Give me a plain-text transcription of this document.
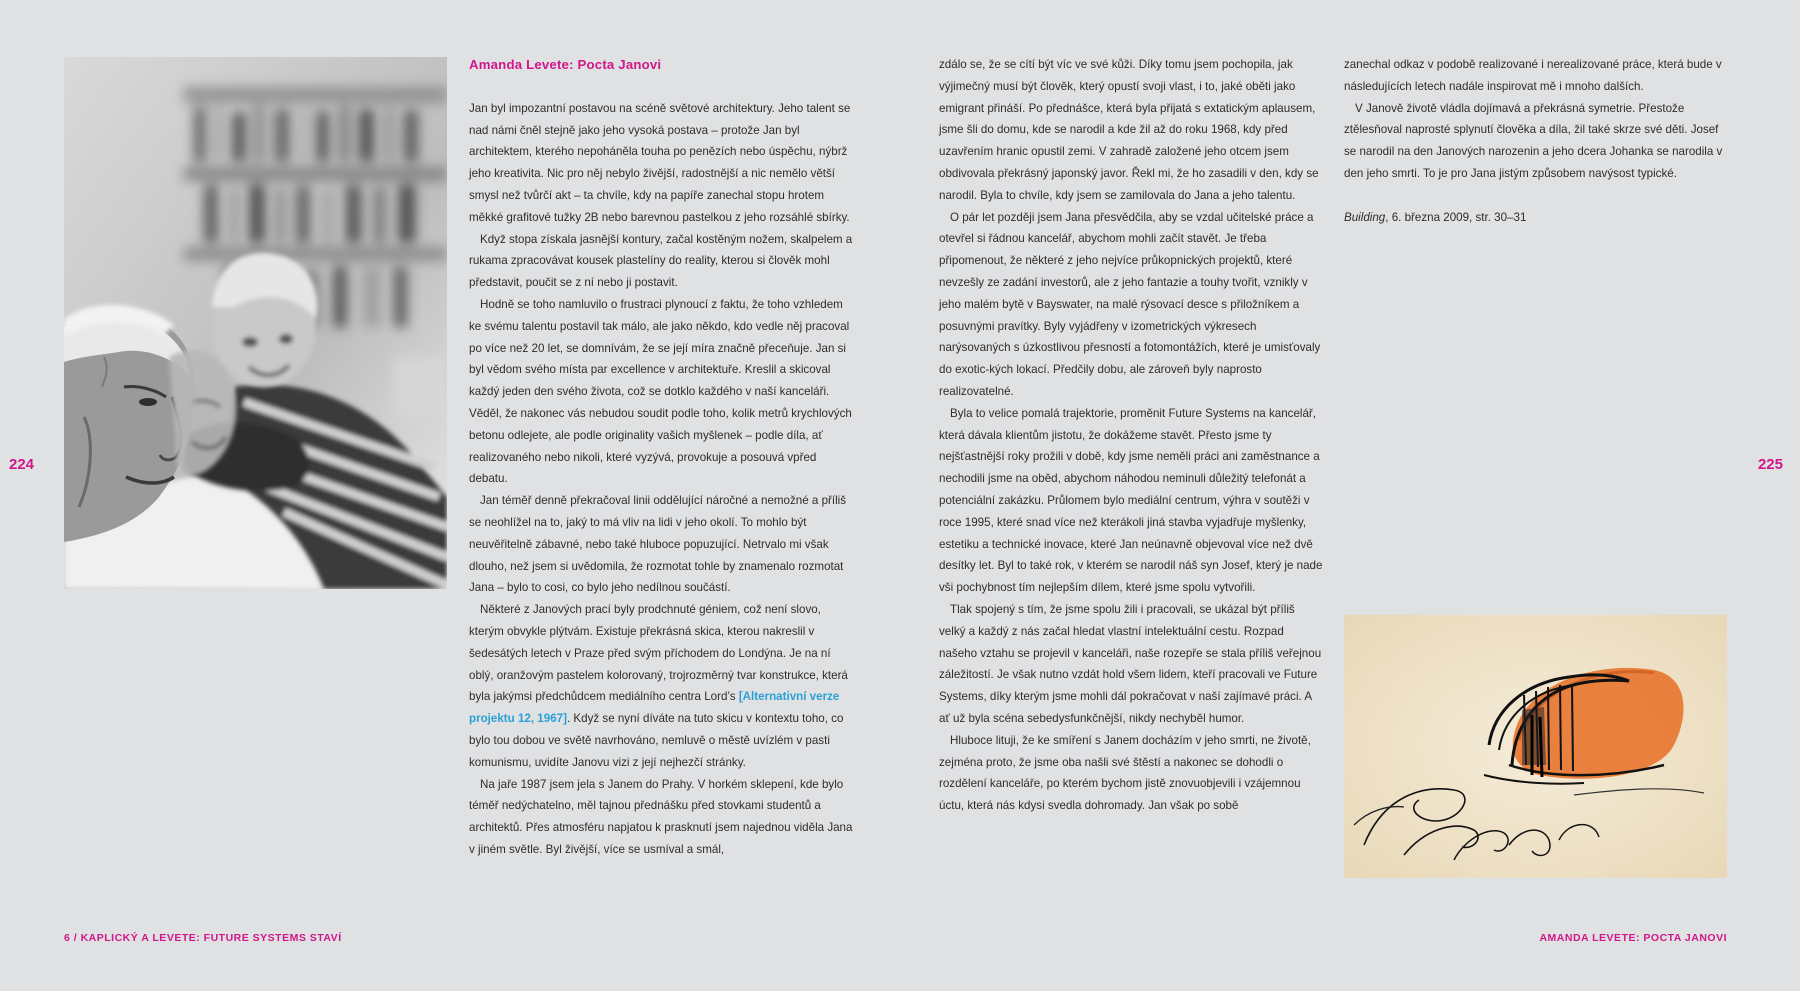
Amanda Levete: Pocta Janovi

Jan byl impozantní postavou na scéně světové architektury. Jeho talent se nad námi čněl stejně jako jeho vysoká postava – protože Jan byl architektem, kterého nepoháněla touha po penězích nebo úspěchu, nýbrž jeho kreativita. Nic pro něj nebylo živější, radostnější a nic nemělo větší smysl než tvůrčí akt – ta chvíle, kdy na papíře zanechal stopu hrotem měkké grafitové tužky 2B nebo barevnou pastelkou z jeho rozsáhlé sbírky.

Když stopa získala jasnější kontury, začal kostěným nožem, skalpelem a rukama zpracovávat kousek plastelíny do reality, kterou si člověk mohl představit, poučit se z ní nebo ji postavit.

Hodně se toho namluvilo o frustraci plynoucí z faktu, že toho vzhledem ke svému talentu postavil tak málo, ale jako někdo, kdo vedle něj pracoval po více než 20 let, se domnívám, že se její míra značně přeceňuje. Jan si byl vědom svého místa par excellence v architektuře. Kreslil a skicoval každý jeden den svého života, což se dotklo každého v naší kanceláři. Věděl, že nakonec vás nebudou soudit podle toho, kolik metrů krychlových betonu odlejete, ale podle originality vašich myšlenek – podle díla, ať realizovaného nebo nikoli, které vyzývá, provokuje a posouvá vpřed debatu.

Jan téměř denně překračoval linii oddělující náročné a nemožné a příliš se neohlížel na to, jaký to má vliv na lidi v jeho okolí. To mohlo být neuvěřitelně zábavné, nebo také hluboce popuzující. Netrvalo mi však dlouho, než jsem si uvědomila, že rozmotat tohle by znamenalo rozmotat Jana – bylo to cosi, co bylo jeho nedílnou součástí.

Některé z Janových prací byly prodchnuté géniem, což není slovo, kterým obvykle plýtvám. Existuje překrásná skica, kterou nakreslil v šedesátých letech v Praze před svým příchodem do Londýna. Je na ní oblý, oranžovým pastelem kolorovaný, trojrozměrný tvar konstrukce, která byla jakýmsi předchůdcem mediálního centra Lord’s [Alternativní verze projektu 12, 1967]. Když se nyní díváte na tuto skicu v kontextu toho, co bylo tou dobou ve světě navrhováno, nemluvě o městě uvízlém v pasti komunismu, uvidíte Janovu vizi z její nejhezčí stránky.

Na jaře 1987 jsem jela s Janem do Prahy. V horkém sklepení, kde bylo téměř nedýchatelno, měl tajnou přednášku před stovkami studentů a architektů. Přes atmosféru napjatou k prasknutí jsem najednou viděla Jana v jiném světle. Byl živější, více se usmíval a smál,

zdálo se, že se cítí být víc ve své kůži. Díky tomu jsem pochopila, jak výjimečný musí být člověk, který opustí svoji vlast, i to, jaké oběti jako emigrant přináší. Po přednášce, která byla přijatá s extatickým aplausem, jsme šli do domu, kde se narodil a kde žil až do roku 1968, kdy před uzavřením hranic opustil zemi. V zahradě založené jeho otcem jsem obdivovala překrásný japonský javor. Řekl mi, že ho zasadili v den, kdy se narodil. Byla to chvíle, kdy jsem se zamilovala do Jana a jeho talentu.

O pár let později jsem Jana přesvědčila, aby se vzdal učitelské práce a otevřel si řádnou kancelář, abychom mohli začít stavět. Je třeba připomenout, že některé z jeho nejvíce průkopnických projektů, které nevzešly ze zadání investorů, ale z jeho fantazie a touhy tvořit, vznikly v jeho malém bytě v Bayswater, na malé rýsovací desce s přiložníkem a posuvnými pravítky. Byly vyjádřeny v izometrických výkresech narýsovaných s úzkostlivou přesností a fotomontážích, které je umisťovaly do exotic-kých lokací. Předčily dobu, ale zároveň byly naprosto realizovatelné.

Byla to velice pomalá trajektorie, proměnit Future Systems na kancelář, která dávala klientům jistotu, že dokážeme stavět. Přesto jsme ty nejšťastnější roky prožili v době, kdy jsme neměli práci ani zaměstnance a nechodili jsme na oběd, abychom náhodou neminuli důležitý telefonát a potenciální zakázku. Průlomem bylo mediální centrum, výhra v soutěži v roce 1995, které snad více než kterákoli jiná stavba vyjadřuje myšlenky, estetiku a technické inovace, které Jan neúnavně objevoval více než dvě desítky let. Byl to také rok, v kterém se narodil náš syn Josef, který je nade vši pochybnost tím nejlepším dílem, které jsme spolu vytvořili.

Tlak spojený s tím, že jsme spolu žili i pracovali, se ukázal být příliš velký a každý z nás začal hledat vlastní intelektuální cestu. Rozpad našeho vztahu se projevil v kanceláři, naše rozepře se stala příliš veřejnou záležitostí. Je však nutno vzdát hold všem lidem, kteří pracovali ve Future Systems, díky kterým jsme mohli dál pokračovat v naší zajímavé práci. A ať už byla scéna sebedysfunkčnější, nikdy nechyběl humor.

Hluboce lituji, že ke smíření s Janem docházím v jeho smrti, ne životě, zejména proto, že jsme oba našli své štěstí a nakonec se dohodli o rozdělení kanceláře, po kterém bychom jistě znovuobjevili i vzájemnou úctu, která nás kdysi svedla dohromady. Jan však po sobě

zanechal odkaz v podobě realizované i nerealizované práce, která bude v následujících letech nadále inspirovat mě i mnoho dalších.

V Janově životě vládla dojímavá a překrásná symetrie. Přestože ztělesňoval naprosté splynutí člověka a díla, žil také skrze své děti. Josef se narodil na den Janových narozenin a jeho dcera Johanka se narodila v den jeho smrti. To je pro Jana jistým způsobem navýsost typické.

Building, 6. března 2009, str. 30–31

224	225
6 / KAPLICKÝ A LEVETE: FUTURE SYSTEMS STAVÍ	AMANDA LEVETE: POCTA JANOVI
